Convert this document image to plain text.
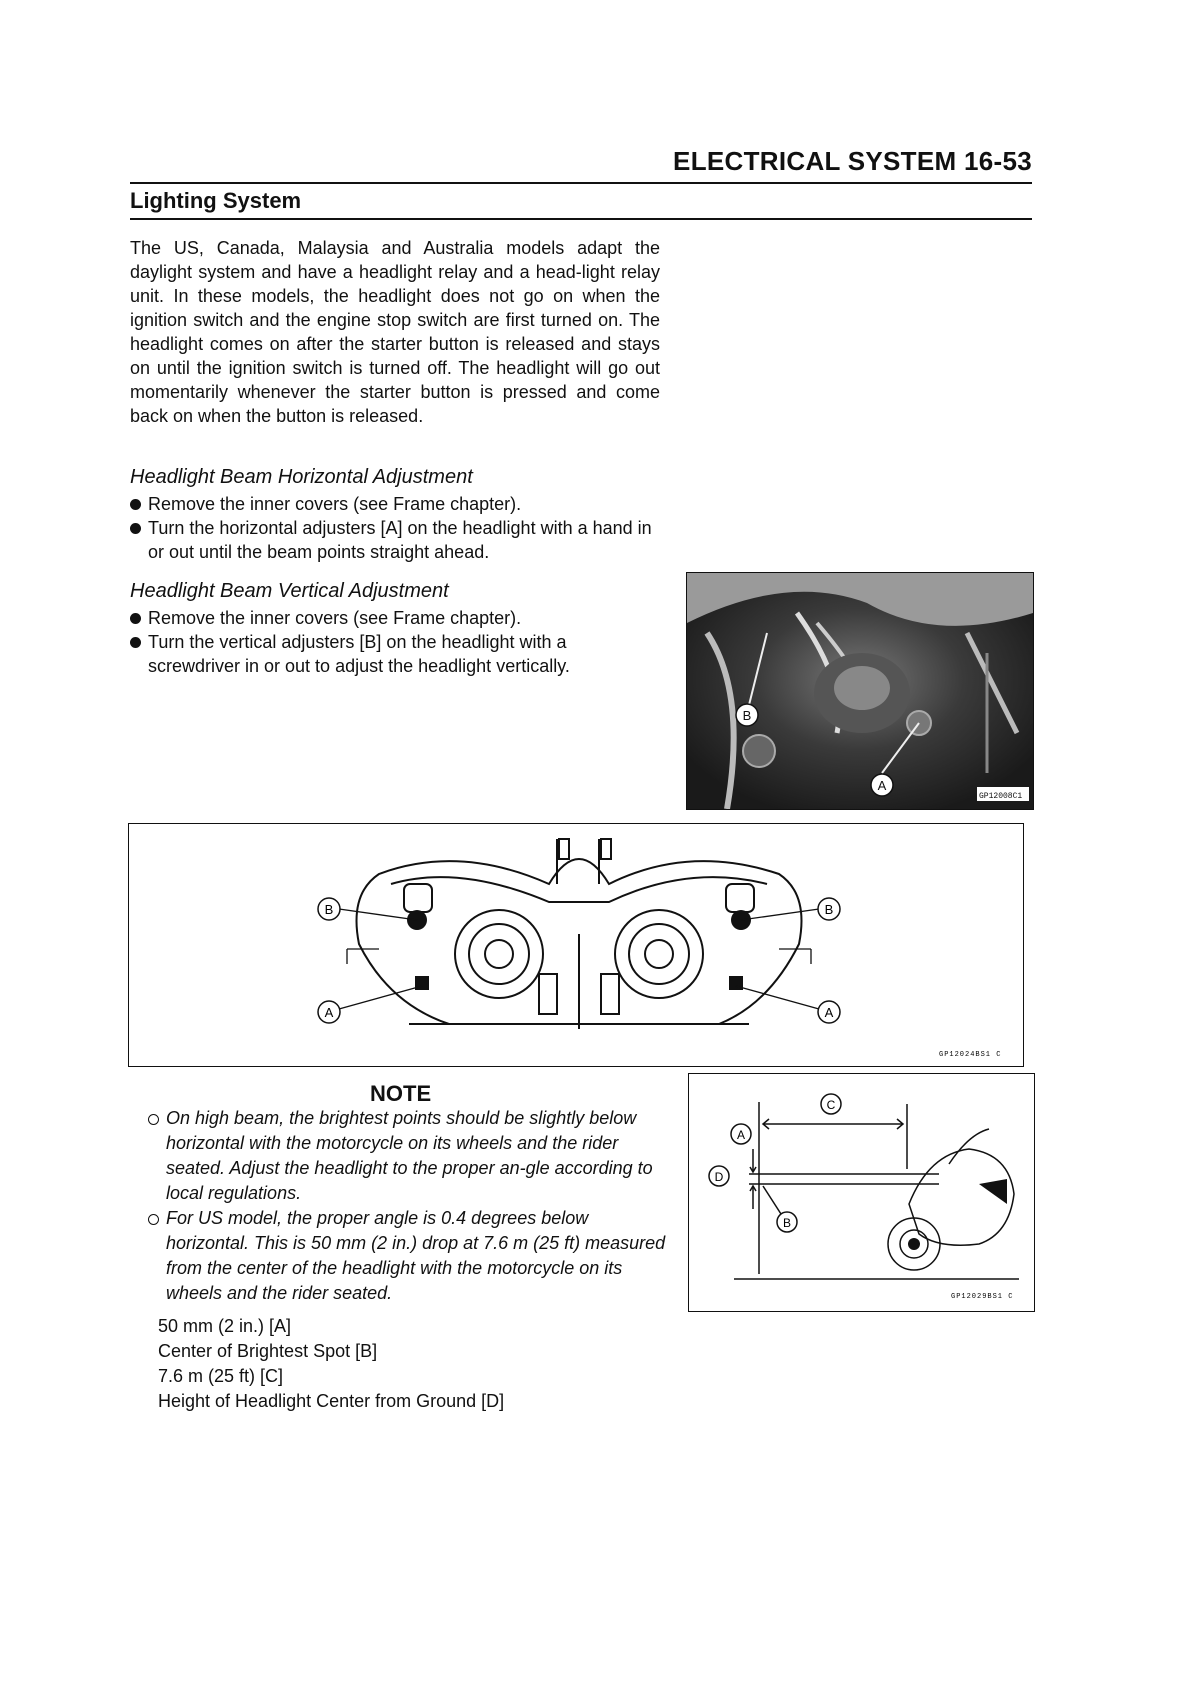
ELECTRICAL SYSTEM 16-53
Lighting System
The US, Canada, Malaysia and Australia models adapt the daylight system and have a headlight relay and a head-light relay unit. In these models, the headlight does not go on when the ignition switch and the engine stop switch are first turned on. The headlight comes on after the starter button is released and stays on until the ignition switch is turned off. The headlight will go out momentarily whenever the starter button is pressed and come back on when the button is released.
Headlight Beam Horizontal Adjustment
Remove the inner covers (see Frame chapter).
Turn the horizontal adjusters [A] on the headlight with a hand in or out until the beam points straight ahead.
Headlight Beam Vertical Adjustment
Remove the inner covers (see Frame chapter).
Turn the vertical adjusters [B] on the headlight with a screwdriver in or out to adjust the headlight vertically.
B
A
GP12008C1
B	B
A	A
GP12024BS1 C
NOTE
On high beam, the brightest points should be slightly below horizontal with the motorcycle on its wheels and the rider seated. Adjust the headlight to the proper an-gle according to local regulations.
For US model, the proper angle is 0.4 degrees below horizontal. This is 50 mm (2 in.) drop at 7.6 m (25 ft) measured from the center of the headlight with the motorcycle on its wheels and the rider seated.
50 mm (2 in.) [A]
Center of Brightest Spot [B]
7.6 m (25 ft) [C]
Height of Headlight Center from Ground [D]
A
D
B
C
GP12029BS1 C
